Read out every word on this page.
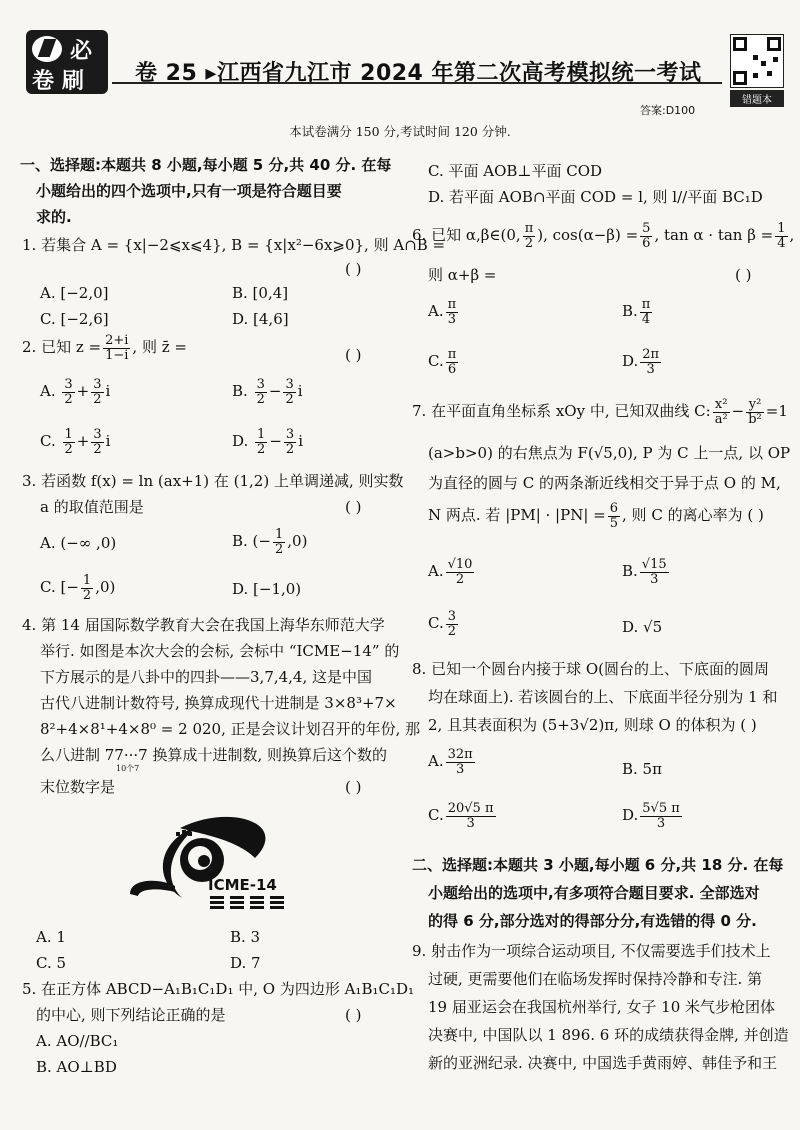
必
卷刷 卷 25 ▸江西省九江市 2024 年第二次高考模拟统一考试
答案:D100
错题本
本试卷满分 150 分,考试时间 120 分钟.
一、选择题:本题共 8 小题,每小题 5 分,共 40 分. 在每
小题给出的四个选项中,只有一项是符合题目要
求的.
1. 若集合 A = {x|−2⩽x⩽4}, B = {x|x²−6x⩾0}, 则 A∩B =
( )
A. [−2,0]	B. [0,4]
C. [−2,6]	D. [4,6]
2. 已知 $z = \frac{2+i}{1-i}$ , 则 z̄ =	( )
A. $\frac{3}{2} + \frac{3}{2}$ i	B. $\frac{3}{2} - \frac{3}{2}$ i
C. $\frac{1}{2} + \frac{3}{2}$ i	D. $\frac{1}{2} - \frac{3}{2}$ i
3. 若函数 f(x) = ln (ax+1) 在 (1,2) 上单调递减, 则实数
a 的取值范围是	( )
A. (−∞ ,0)	B. (− $\frac{1}{2} ,0$)
C. [− $\frac{1}{2} ,0$)	D. [−1,0)
4. 第 14 届国际数学教育大会在我国上海华东师范大学
举行. 如图是本次大会的会标, 会标中 “ICME−14” 的
下方展示的是八卦中的四卦——3,7,4,4, 这是中国
古代八进制计数符号, 换算成现代十进制是 3×8³+7×
8²+4×8¹+4×8⁰ = 2 020, 正是会议计划召开的年份, 那
么八进制 77···7 换算成十进制数, 则换算后这个数的
10个7
末位数字是	( )
ICME-14
A. 1	B. 3
C. 5	D. 7
5. 在正方体 ABCD−A₁B₁C₁D₁ 中, O 为四边形 A₁B₁C₁D₁
的中心, 则下列结论正确的是	( )
A. AO//BC₁
B. AO⊥BD
C. 平面 AOB⊥平面 COD
D. 若平面 AOB∩平面 COD = l, 则 l//平面 BC₁D
6. 已知 α,β∈(0, $\frac{\pi}{2}$ ), $\cos(\alpha-\beta) = \frac{5}{6}$ , $\tan \alpha \cdot \tan \beta = \frac{1}{4}$ ,
则 α+β =	( )
A. $\frac{\pi}{3}$	B. $\frac{\pi}{4}$
C. $\frac{\pi}{6}$	D. $\frac{2\pi}{3}$
7. 在平面直角坐标系 xOy 中, 已知双曲线 C: $\frac{\text{x²}}{\text{a²}} - \frac{\text{y²}}{\text{b²}} =1$
(a>b>0) 的右焦点为 F(√5,0), P 为 C 上一点, 以 OP
为直径的圆与 C 的两条渐近线相交于异于点 O 的 M,
N 两点. 若 $|PM| \cdot |PN| = \frac{6}{5}$ , 则 C 的离心率为 ( )
A. $\frac{√10}{2}$	B. $\frac{√15}{3}$
C. $\frac{3}{2}$	D. √5
8. 已知一个圆台内接于球 O(圆台的上、下底面的圆周
均在球面上). 若该圆台的上、下底面半径分别为 1 和
2, 且其表面积为 (5+3√2)π, 则球 O 的体积为 ( )
A. $\frac{32\pi}{3}$	B. 5π
C. $\frac{20√5 \pi}{3}$	D. $\frac{5√5 \pi}{3}$
二、选择题:本题共 3 小题,每小题 6 分,共 18 分. 在每
小题给出的选项中,有多项符合题目要求. 全部选对
的得 6 分,部分选对的得部分分,有选错的得 0 分.
9. 射击作为一项综合运动项目, 不仅需要选手们技术上
过硬, 更需要他们在临场发挥时保持冷静和专注. 第
19 届亚运会在我国杭州举行, 女子 10 米气步枪团体
决赛中, 中国队以 1 896. 6 环的成绩获得金牌, 并创造
新的亚洲纪录. 决赛中, 中国选手黄雨婷、韩佳予和王
